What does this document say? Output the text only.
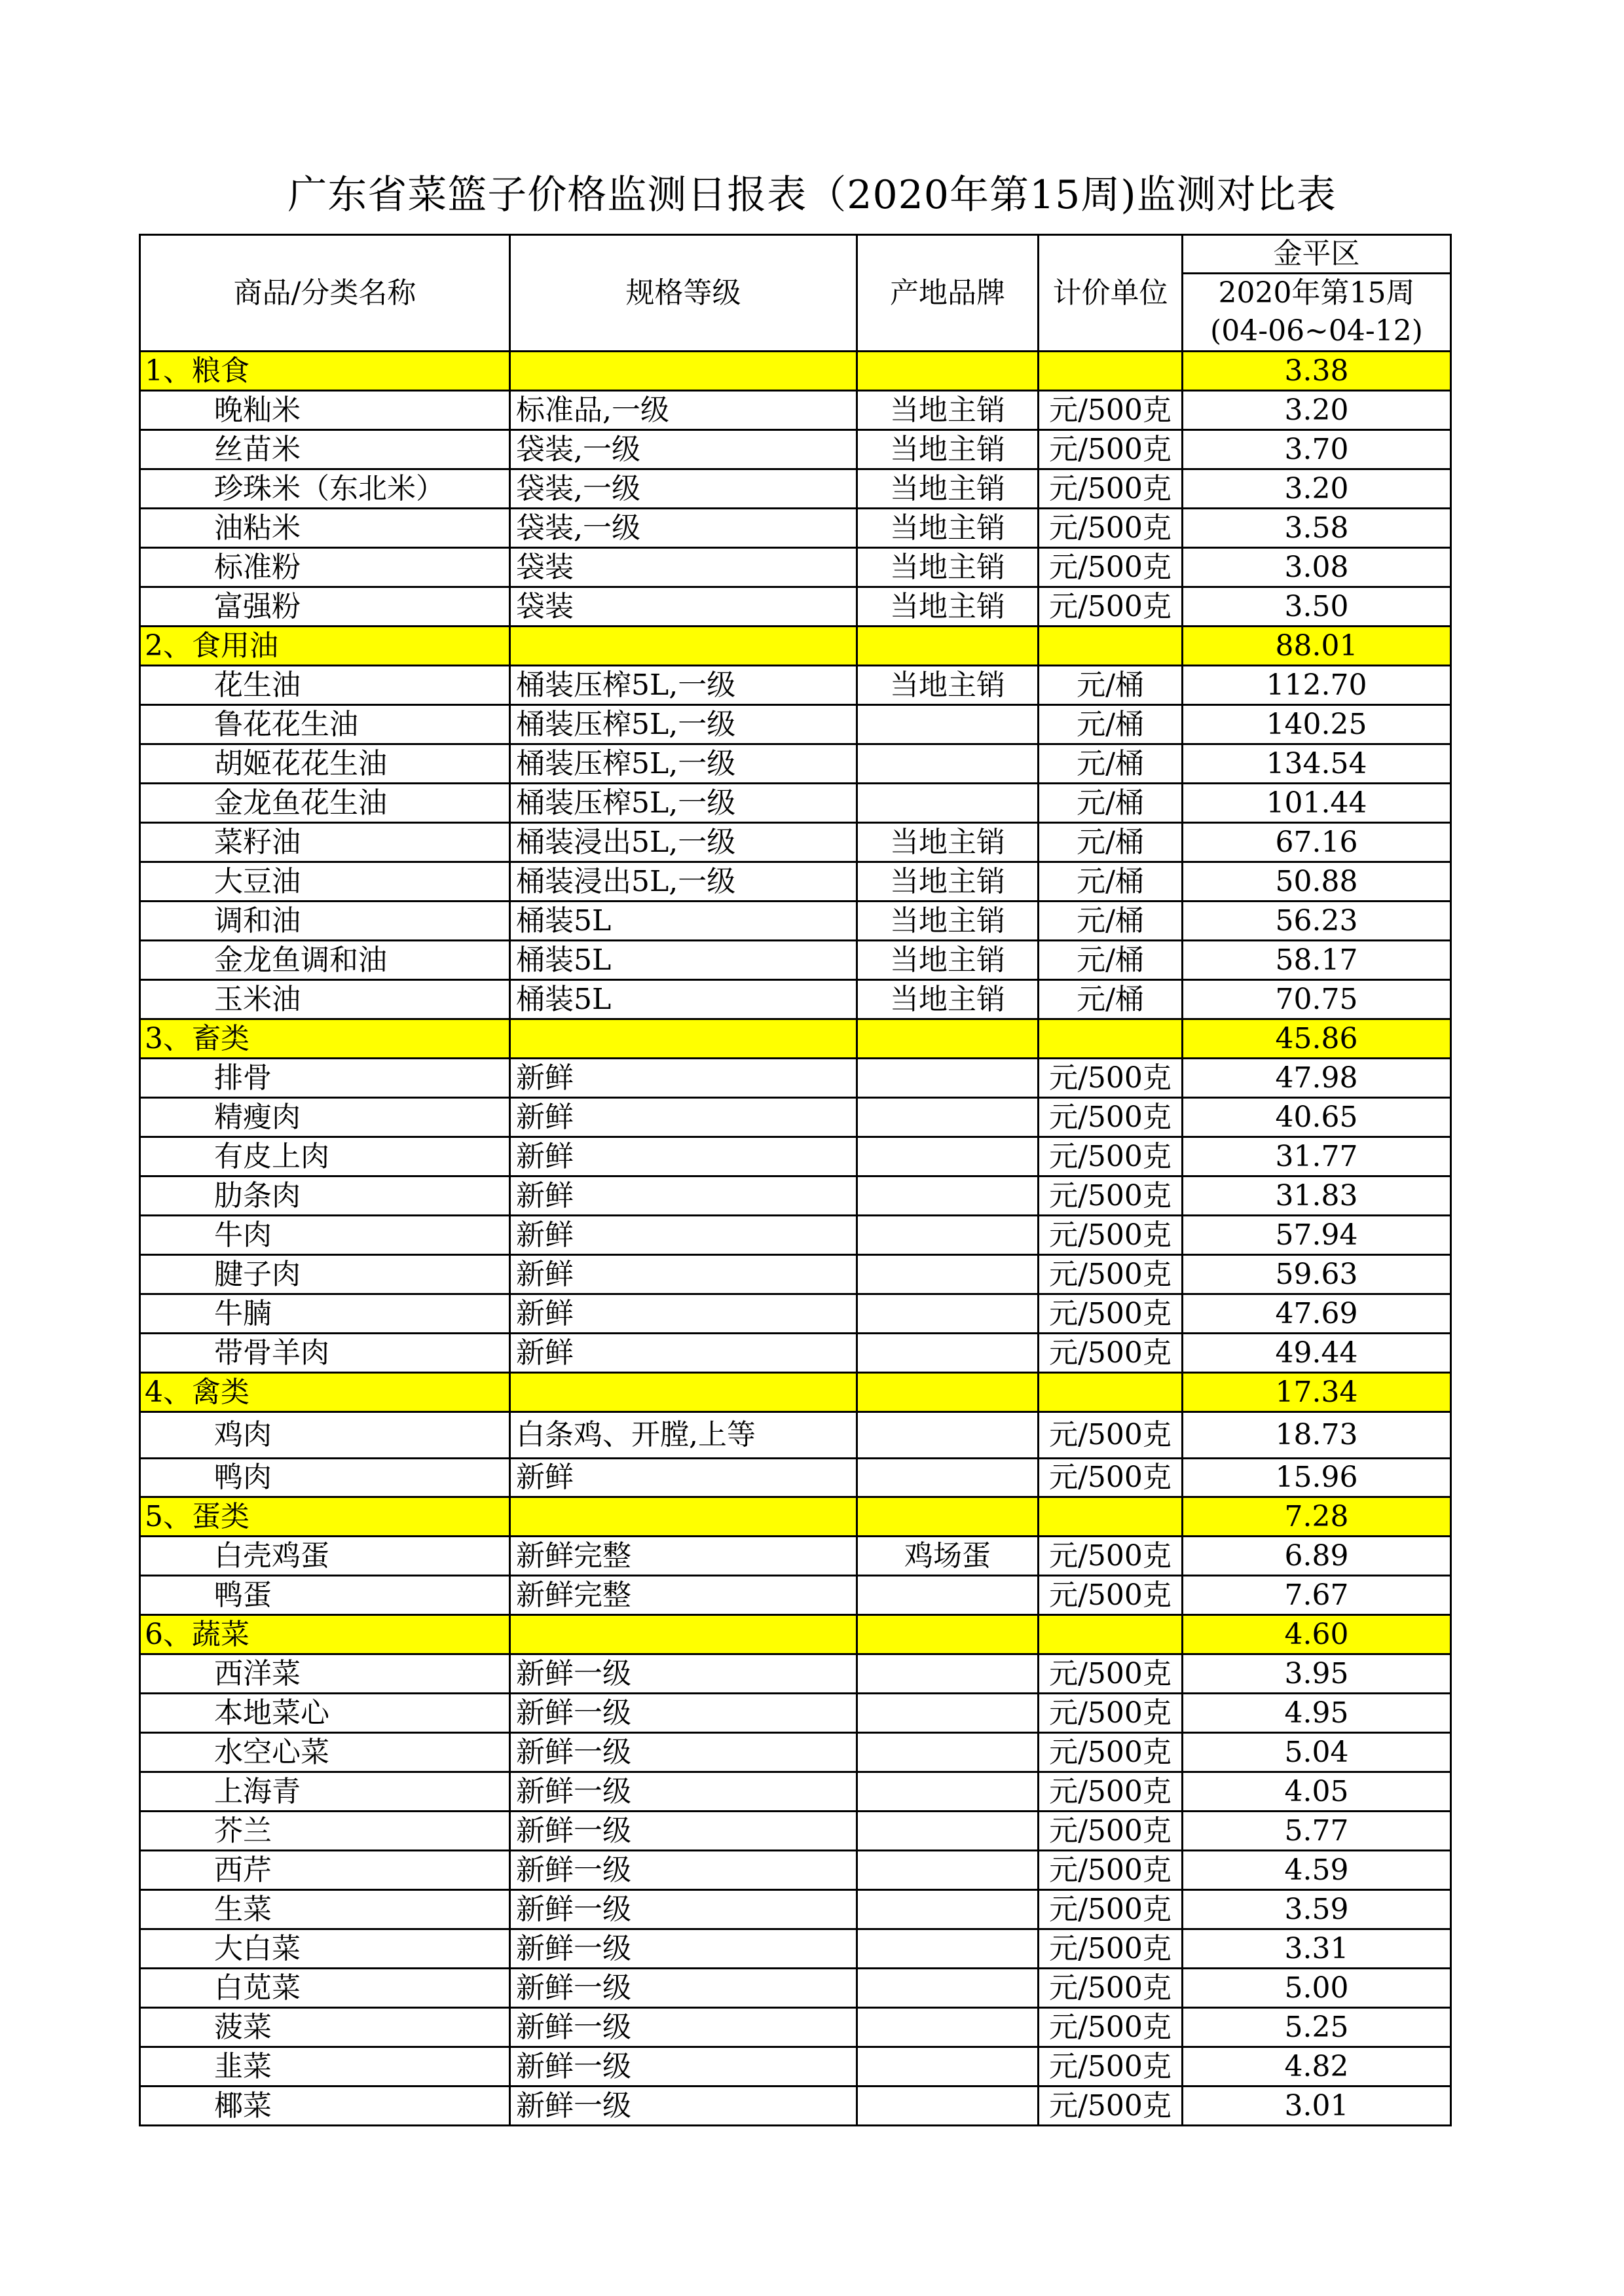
广东省菜篮子价格监测日报表（2020年第15周)监测对比表
商品/分类名称	规格等级	产地品牌	计价单位	金平区
				2020年第15周
(04-06~04-12)
1、粮食				3.38
晚籼米	标准品,一级	当地主销	元/500克	3.20
丝苗米	袋装,一级	当地主销	元/500克	3.70
珍珠米（东北米）	袋装,一级	当地主销	元/500克	3.20
油粘米	袋装,一级	当地主销	元/500克	3.58
标准粉	袋装	当地主销	元/500克	3.08
富强粉	袋装	当地主销	元/500克	3.50
2、食用油				88.01
花生油	桶装压榨5L,一级	当地主销	元/桶	112.70
鲁花花生油	桶装压榨5L,一级		元/桶	140.25
胡姬花花生油	桶装压榨5L,一级		元/桶	134.54
金龙鱼花生油	桶装压榨5L,一级		元/桶	101.44
菜籽油	桶装浸出5L,一级	当地主销	元/桶	67.16
大豆油	桶装浸出5L,一级	当地主销	元/桶	50.88
调和油	桶装5L	当地主销	元/桶	56.23
金龙鱼调和油	桶装5L	当地主销	元/桶	58.17
玉米油	桶装5L	当地主销	元/桶	70.75
3、畜类				45.86
排骨	新鲜		元/500克	47.98
精瘦肉	新鲜		元/500克	40.65
有皮上肉	新鲜		元/500克	31.77
肋条肉	新鲜		元/500克	31.83
牛肉	新鲜		元/500克	57.94
腱子肉	新鲜		元/500克	59.63
牛腩	新鲜		元/500克	47.69
带骨羊肉	新鲜		元/500克	49.44
4、禽类				17.34
鸡肉	白条鸡、开膛,上等		元/500克	18.73
鸭肉	新鲜		元/500克	15.96
5、蛋类				7.28
白壳鸡蛋	新鲜完整	鸡场蛋	元/500克	6.89
鸭蛋	新鲜完整		元/500克	7.67
6、蔬菜				4.60
西洋菜	新鲜一级		元/500克	3.95
本地菜心	新鲜一级		元/500克	4.95
水空心菜	新鲜一级		元/500克	5.04
上海青	新鲜一级		元/500克	4.05
芥兰	新鲜一级		元/500克	5.77
西芹	新鲜一级		元/500克	4.59
生菜	新鲜一级		元/500克	3.59
大白菜	新鲜一级		元/500克	3.31
白苋菜	新鲜一级		元/500克	5.00
菠菜	新鲜一级		元/500克	5.25
韭菜	新鲜一级		元/500克	4.82
椰菜	新鲜一级		元/500克	3.01
